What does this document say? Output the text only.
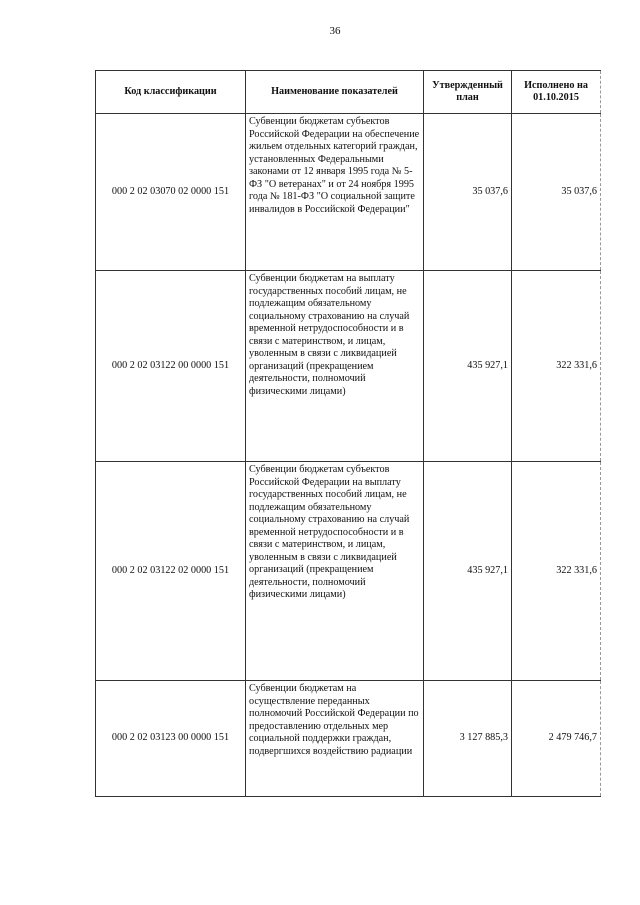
36
Код классификации	Наименование показателей	Утвержденный план	Исполнено на 01.10.2015
000 2 02 03070 02 0000 151	Субвенции бюджетам субъектов Российской Федерации на обеспечение жильем отдельных категорий граждан, установленных Федеральными законами от 12 января 1995 года № 5-ФЗ "О ветеранах" и от 24 ноября 1995 года № 181-ФЗ "О социальной защите инвалидов в Российской Федерации"	35 037,6	35 037,6
000 2 02 03122 00 0000 151	Субвенции бюджетам на выплату государственных пособий лицам, не подлежащим обязательному социальному страхованию на случай временной нетрудоспособности и в связи с материнством, и лицам, уволенным в связи с ликвидацией организаций (прекращением деятельности, полномочий физическими лицами)	435 927,1	322 331,6
000 2 02 03122 02 0000 151	Субвенции бюджетам субъектов Российской Федерации на выплату государственных пособий лицам, не подлежащим обязательному социальному страхованию на случай временной нетрудоспособности и в связи с материнством, и лицам, уволенным в связи с ликвидацией организаций (прекращением деятельности, полномочий физическими лицами)	435 927,1	322 331,6
000 2 02 03123 00 0000 151	Субвенции бюджетам на осуществление переданных полномочий Российской Федерации по предоставлению отдельных мер социальной поддержки граждан, подвергшихся воздействию радиации	3 127 885,3	2 479 746,7
